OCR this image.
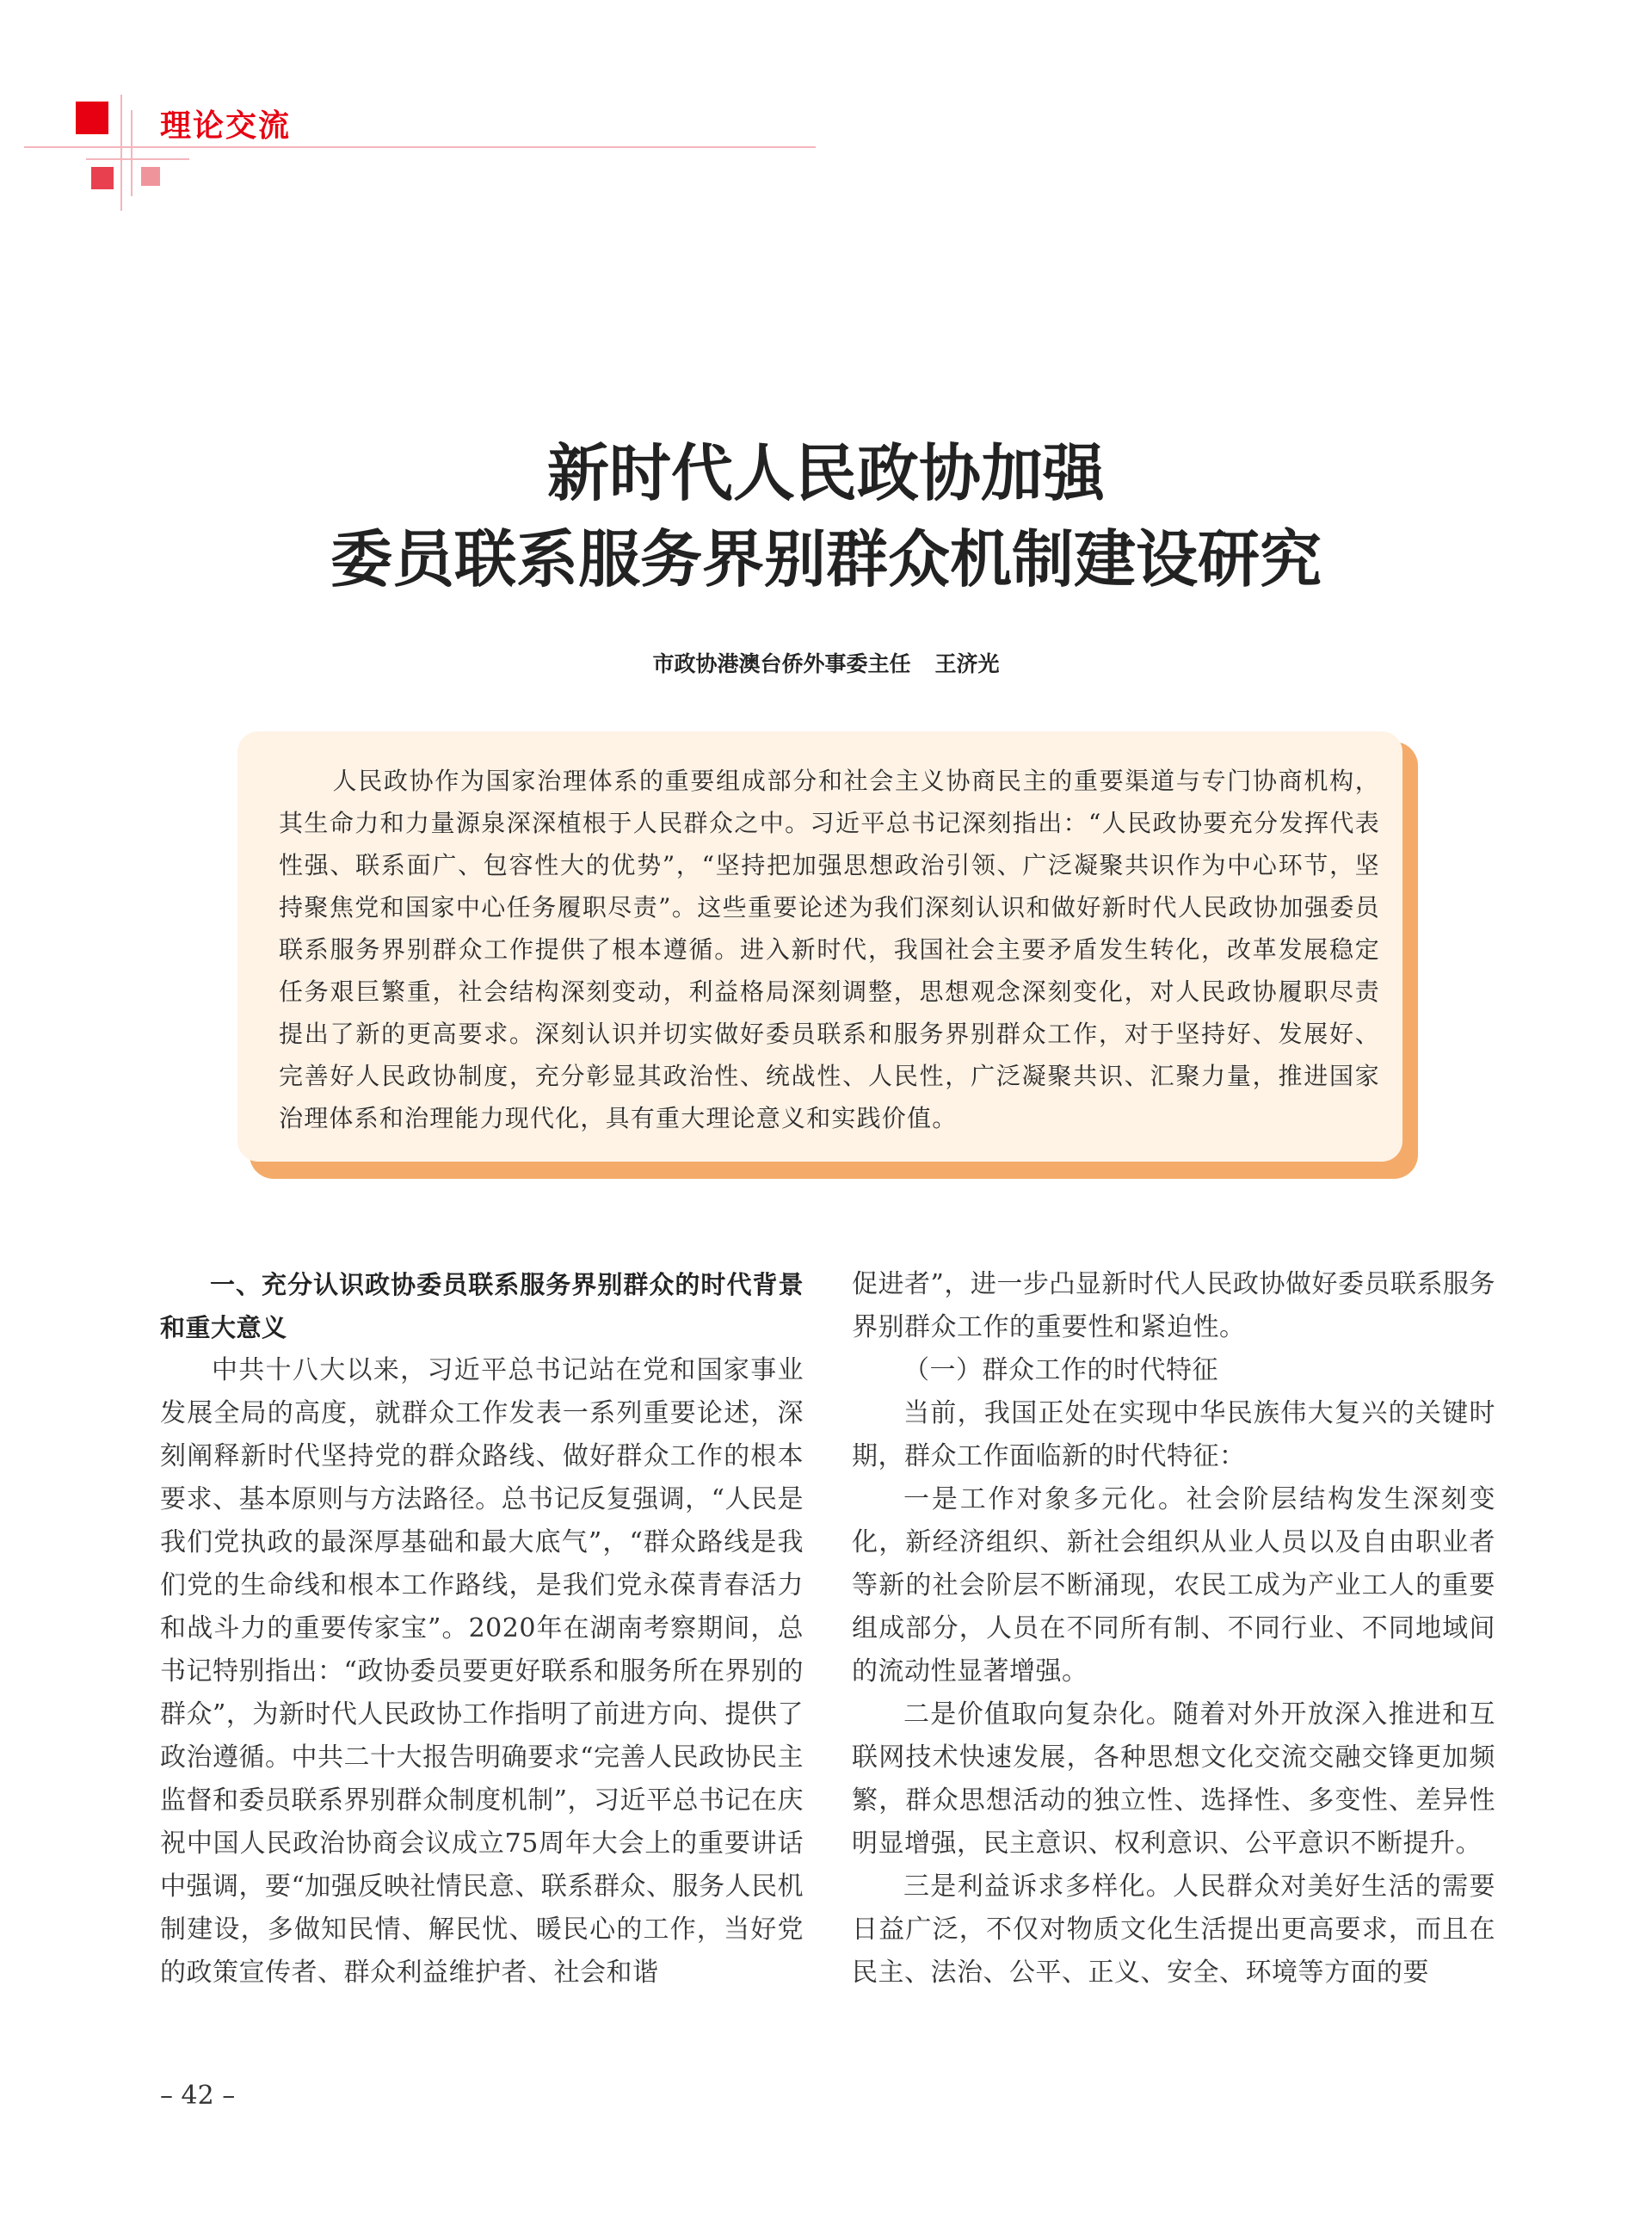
理论交流

新时代人民政协加强
委员联系服务界别群众机制建设研究

市政协港澳台侨外事委主任 王济光

人民政协作为国家治理体系的重要组成部分和社会主义协商民主的重要渠道与专门协商机构，其生命力和力量源泉深深植根于人民群众之中。习近平总书记深刻指出：“人民政协要充分发挥代表性强、联系面广、包容性大的优势”，“坚持把加强思想政治引领、广泛凝聚共识作为中心环节，坚持聚焦党和国家中心任务履职尽责”。这些重要论述为我们深刻认识和做好新时代人民政协加强委员联系服务界别群众工作提供了根本遵循。进入新时代，我国社会主要矛盾发生转化，改革发展稳定任务艰巨繁重，社会结构深刻变动，利益格局深刻调整，思想观念深刻变化，对人民政协履职尽责提出了新的更高要求。深刻认识并切实做好委员联系和服务界别群众工作，对于坚持好、发展好、完善好人民政协制度，充分彰显其政治性、统战性、人民性，广泛凝聚共识、汇聚力量，推进国家治理体系和治理能力现代化，具有重大理论意义和实践价值。

一、充分认识政协委员联系服务界别群众的时代背景和重大意义

中共十八大以来，习近平总书记站在党和国家事业发展全局的高度，就群众工作发表一系列重要论述，深刻阐释新时代坚持党的群众路线、做好群众工作的根本要求、基本原则与方法路径。总书记反复强调，“人民是我们党执政的最深厚基础和最大底气”，“群众路线是我们党的生命线和根本工作路线，是我们党永葆青春活力和战斗力的重要传家宝”。2020年在湖南考察期间，总书记特别指出：“政协委员要更好联系和服务所在界别的群众”，为新时代人民政协工作指明了前进方向、提供了政治遵循。中共二十大报告明确要求“完善人民政协民主监督和委员联系界别群众制度机制”，习近平总书记在庆祝中国人民政治协商会议成立75周年大会上的重要讲话中强调，要“加强反映社情民意、联系群众、服务人民机制建设，多做知民情、解民忧、暖民心的工作，当好党的政策宣传者、群众利益维护者、社会和谐

促进者”，进一步凸显新时代人民政协做好委员联系服务界别群众工作的重要性和紧迫性。

（一）群众工作的时代特征

当前，我国正处在实现中华民族伟大复兴的关键时期，群众工作面临新的时代特征：

一是工作对象多元化。社会阶层结构发生深刻变化，新经济组织、新社会组织从业人员以及自由职业者等新的社会阶层不断涌现，农民工成为产业工人的重要组成部分，人员在不同所有制、不同行业、不同地域间的流动性显著增强。

二是价值取向复杂化。随着对外开放深入推进和互联网技术快速发展，各种思想文化交流交融交锋更加频繁，群众思想活动的独立性、选择性、多变性、差异性明显增强，民主意识、权利意识、公平意识不断提升。

三是利益诉求多样化。人民群众对美好生活的需要日益广泛，不仅对物质文化生活提出更高要求，而且在民主、法治、公平、正义、安全、环境等方面的要

– 42 –
